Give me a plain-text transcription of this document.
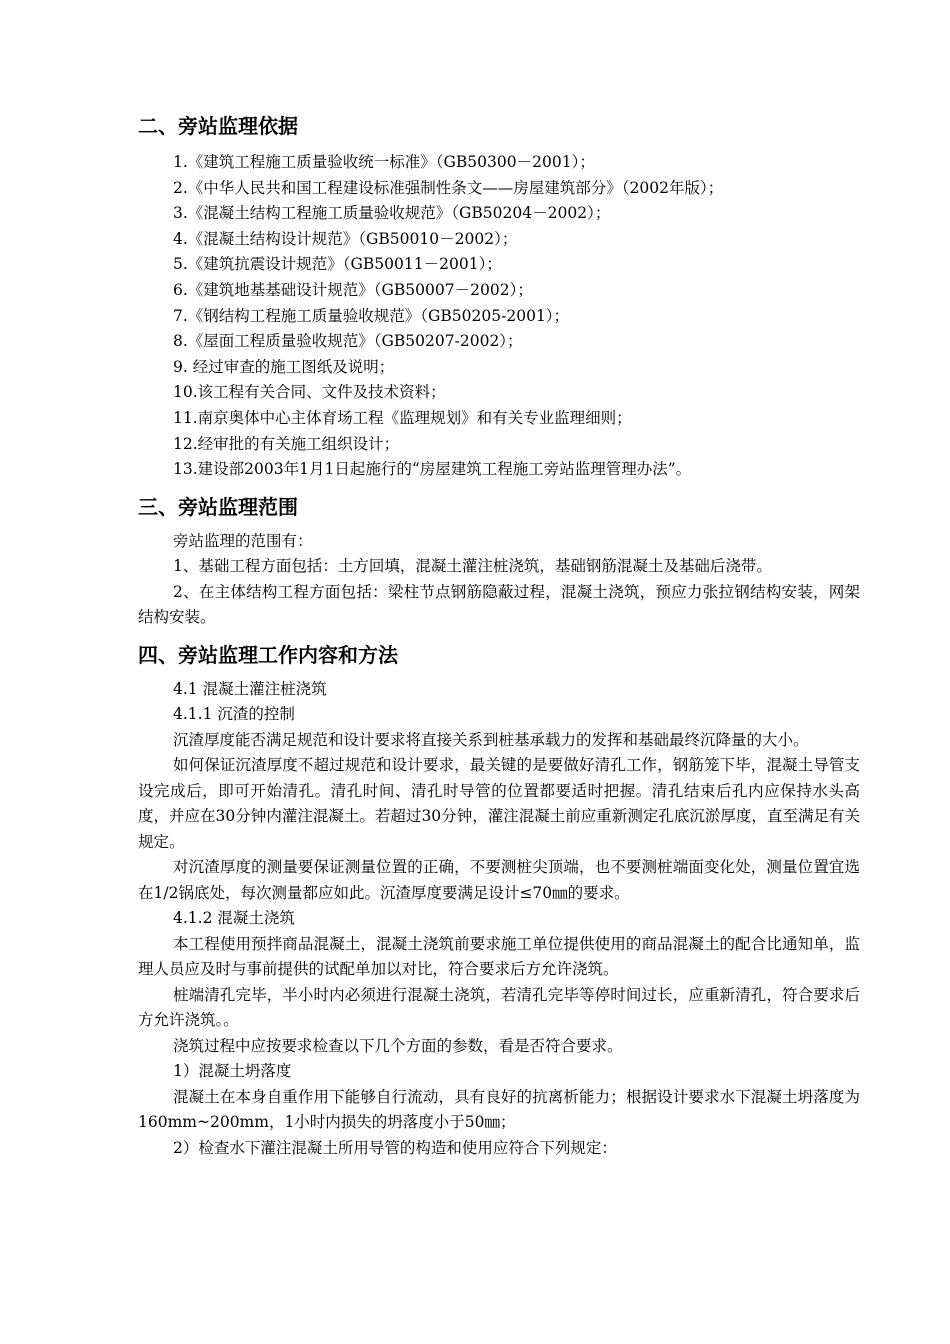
二、旁站监理依据
1.《建筑工程施工质量验收统一标准》（GB50300－2001）；
2.《中华人民共和国工程建设标准强制性条文——房屋建筑部分》（2002年版）；
3.《混凝土结构工程施工质量验收规范》（GB50204－2002）；
4.《混凝土结构设计规范》（GB50010－2002）；
5.《建筑抗震设计规范》（GB50011－2001）；
6.《建筑地基基础设计规范》（GB50007－2002）；
7.《钢结构工程施工质量验收规范》（GB50205-2001）；
8.《屋面工程质量验收规范》（GB50207-2002）；
9. 经过审查的施工图纸及说明；
10.该工程有关合同、文件及技术资料；
11.南京奥体中心主体育场工程《监理规划》和有关专业监理细则；
12.经审批的有关施工组织设计；
13.建设部2003年1月1日起施行的“房屋建筑工程施工旁站监理管理办法”。
三、旁站监理范围

旁站监理的范围有：

1、基础工程方面包括：土方回填，混凝土灌注桩浇筑，基础钢筋混凝土及基础后浇带。

2、在主体结构工程方面包括：梁柱节点钢筋隐蔽过程，混凝土浇筑，预应力张拉钢结构安装，网架结构安装。

四、旁站监理工作内容和方法

4.1 混凝土灌注桩浇筑

4.1.1 沉渣的控制

沉渣厚度能否满足规范和设计要求将直接关系到桩基承载力的发挥和基础最终沉降量的大小。

如何保证沉渣厚度不超过规范和设计要求，最关键的是要做好清孔工作，钢筋笼下毕，混凝土导管支设完成后，即可开始清孔。清孔时间、清孔时导管的位置都要适时把握。清孔结束后孔内应保持水头高度，并应在30分钟内灌注混凝土。若超过30分钟，灌注混凝土前应重新测定孔底沉淤厚度，直至满足有关规定。

对沉渣厚度的测量要保证测量位置的正确，不要测桩尖顶端，也不要测桩端面变化处，测量位置宜选在1/2锅底处，每次测量都应如此。沉渣厚度要满足设计≤70㎜的要求。

4.1.2 混凝土浇筑

本工程使用预拌商品混凝土，混凝土浇筑前要求施工单位提供使用的商品混凝土的配合比通知单，监理人员应及时与事前提供的试配单加以对比，符合要求后方允许浇筑。

桩端清孔完毕，半小时内必须进行混凝土浇筑，若清孔完毕等停时间过长，应重新清孔，符合要求后方允许浇筑。。

浇筑过程中应按要求检查以下几个方面的参数，看是否符合要求。

1）混凝土坍落度

混凝土在本身自重作用下能够自行流动，具有良好的抗离析能力；根据设计要求水下混凝土坍落度为160mm~200mm，1小时内损失的坍落度小于50㎜；

2）检查水下灌注混凝土所用导管的构造和使用应符合下列规定：
